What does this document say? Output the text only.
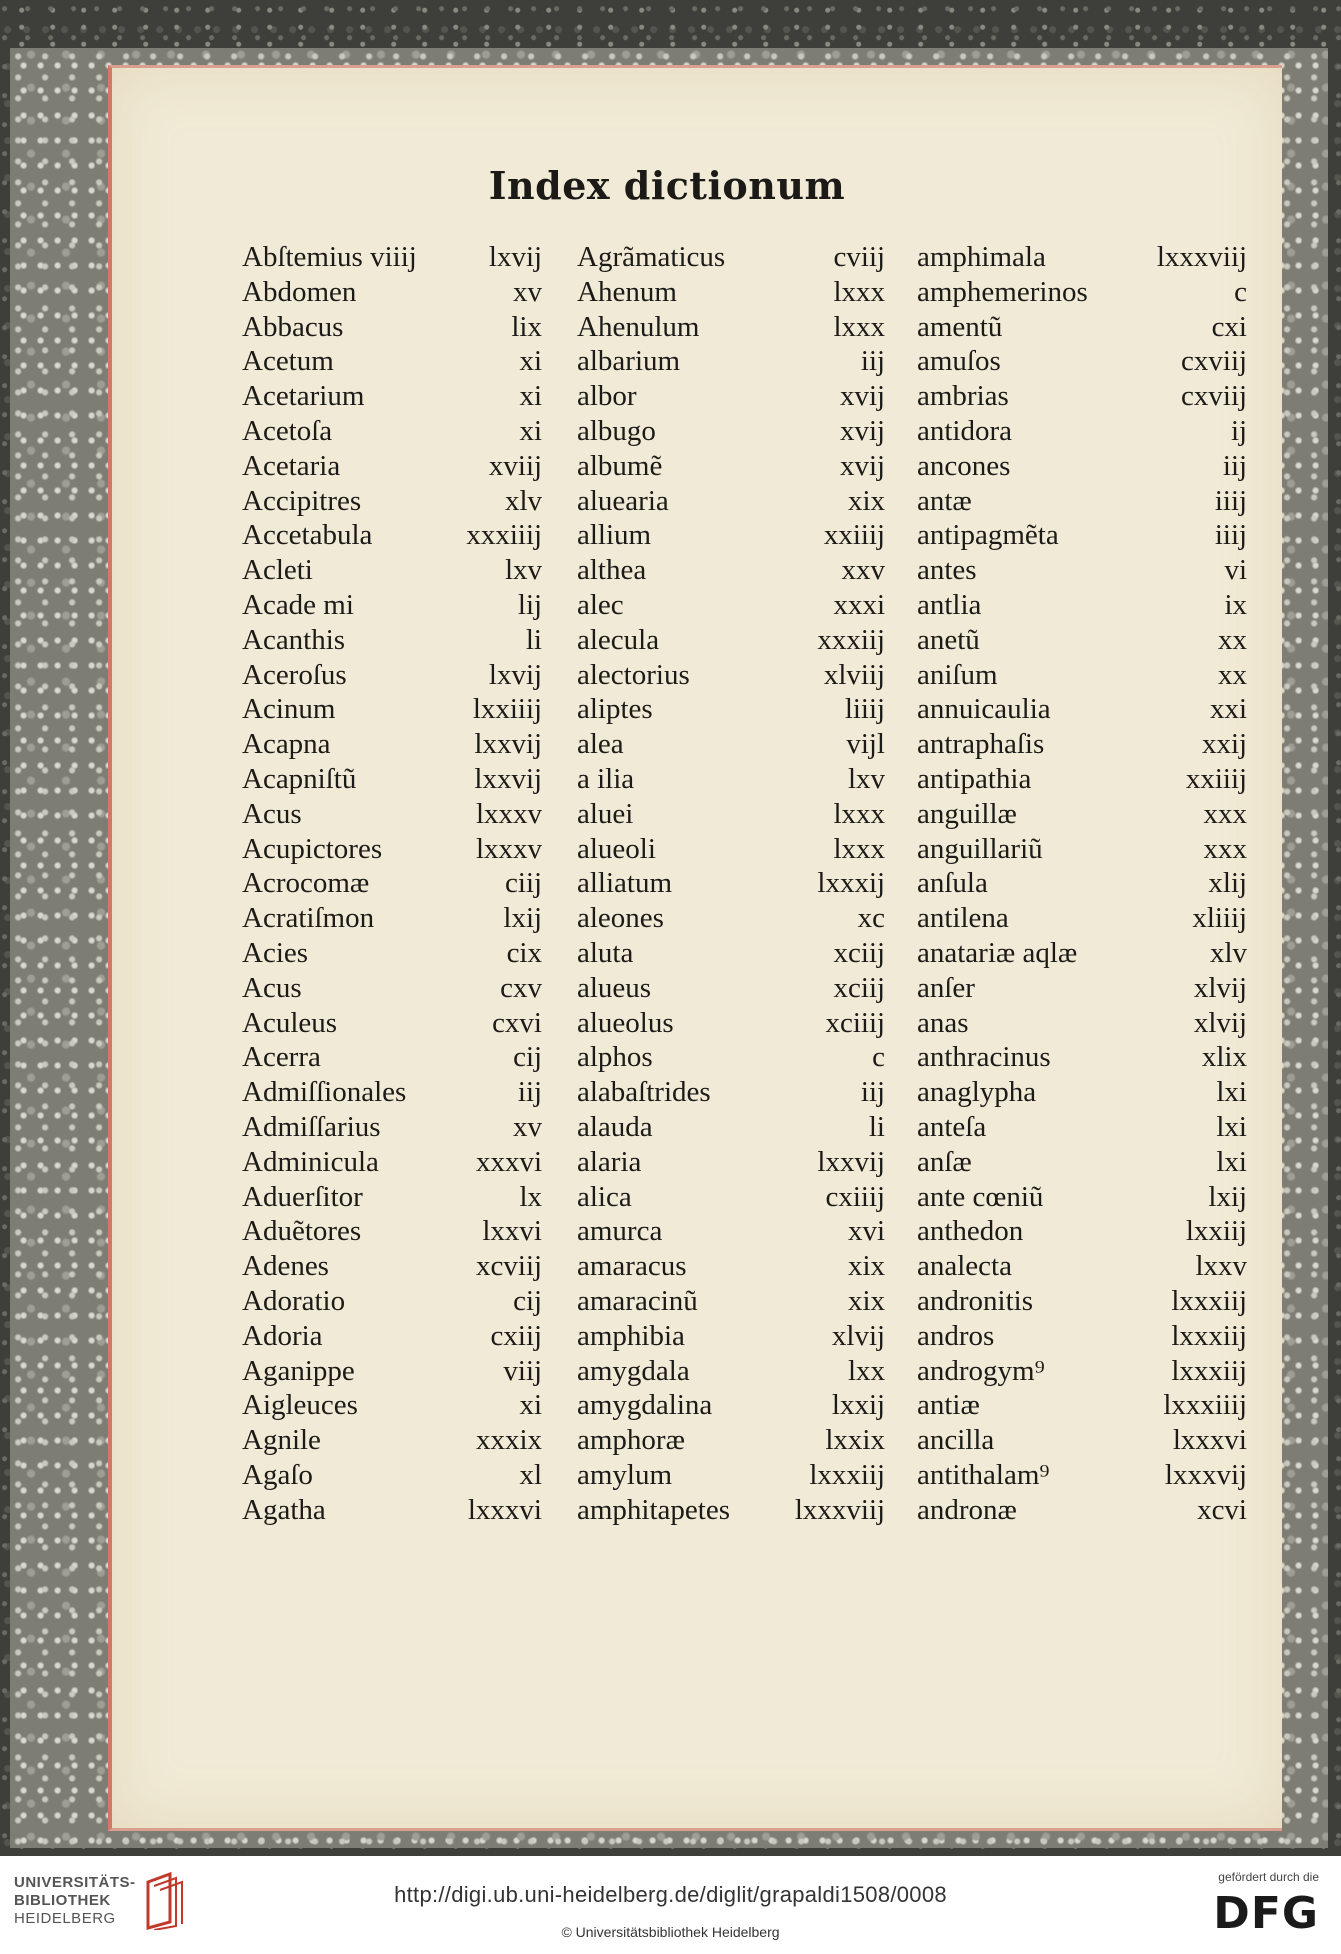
Index dictionum
Abſtemius viiĳ lxvĳ
Abdomen	xv
Abbacus	lix
Acetum	xi
Acetarium	xi
Acetoſa	xi
Acetaria	xviĳ
Accipitres	xlv
Accetabula	xxxiiĳ
Acleti	lxv
Acade mi	lĳ
Acanthis	li
Aceroſus	lxvĳ
Acinum	lxxiiĳ
Acapna	lxxvĳ
Acapniſtũ	lxxvĳ
Acus	lxxxv
Acupictores	lxxxv
Acrocomæ	ciĳ
Acratiſmon	lxĳ
Acies	cix
Acus	cxv
Aculeus	cxvi
Acerra	cĳ
Admiſſionales	iĳ
Admiſſarius	xv
Adminicula	xxxvi
Aduerſitor	lx
Aduẽtores	lxxvi
Adenes	xcviĳ
Adoratio	cĳ
Adoria	cxiĳ
Aganippe	viĳ
Aigleuces	xi
Agnile	xxxix
Agaſo	xl
Agatha	lxxxvi
Agrãmaticus	cviĳ
Ahenum	lxxx
Ahenulum	lxxx
albarium	iĳ
albor	xvĳ
albugo	xvĳ
albumẽ	xvĳ
aluearia	xix
allium	xxiiĳ
althea	xxv
alec	xxxi
alecula	xxxiĳ
alectorius	xlviĳ
aliptes	liiĳ
alea	vĳl
a ilia	lxv
aluei	lxxx
alueoli	lxxx
alliatum	lxxxĳ
aleones	xc
aluta	xciĳ
alueus	xciĳ
alueolus	xciiĳ
alphos	c
alabaſtrides	iĳ
alauda	li
alaria	lxxvĳ
alica	cxiiĳ
amurca	xvi
amaracus	xix
amaracinũ	xix
amphibia	xlvĳ
amygdala	lxx
amygdalina	lxxĳ
amphoræ	lxxix
amylum	lxxxiĳ
amphitapetes lxxxviĳ
amphimala	lxxxviĳ
amphemerinos	c
amentũ	cxi
amuſos	cxviĳ
ambrias	cxviĳ
antidora	ĳ
ancones	iĳ
antæ	iiĳ
antipagmẽta	iiĳ
antes	vi
antlia	ix
anetũ	xx
aniſum	xx
annuicaulia	xxi
antraphaſis	xxĳ
antipathia	xxiiĳ
anguillæ	xxx
anguillariũ	xxx
anſula	xlĳ
antilena	xliiĳ
anatariæ aqlæ	xlv
anſer	xlvĳ
anas	xlvĳ
anthracinus	xlix
anaglypha	lxi
anteſa	lxi
anſæ	lxi
ante cœniũ	lxĳ
anthedon	lxxiĳ
analecta	lxxv
andronitis	lxxxiĳ
andros	lxxxiĳ
androgym⁹	lxxxiĳ
antiæ	lxxxiiĳ
ancilla	lxxxvi
antithalam⁹	lxxxvĳ
andronæ	xcvi
UNIVERSITÄTS-
BIBLIOTHEK
HEIDELBERG
http://digi.ub.uni-heidelberg.de/diglit/grapaldi1508/0008
© Universitätsbibliothek Heidelberg
gefördert durch die
DFG
